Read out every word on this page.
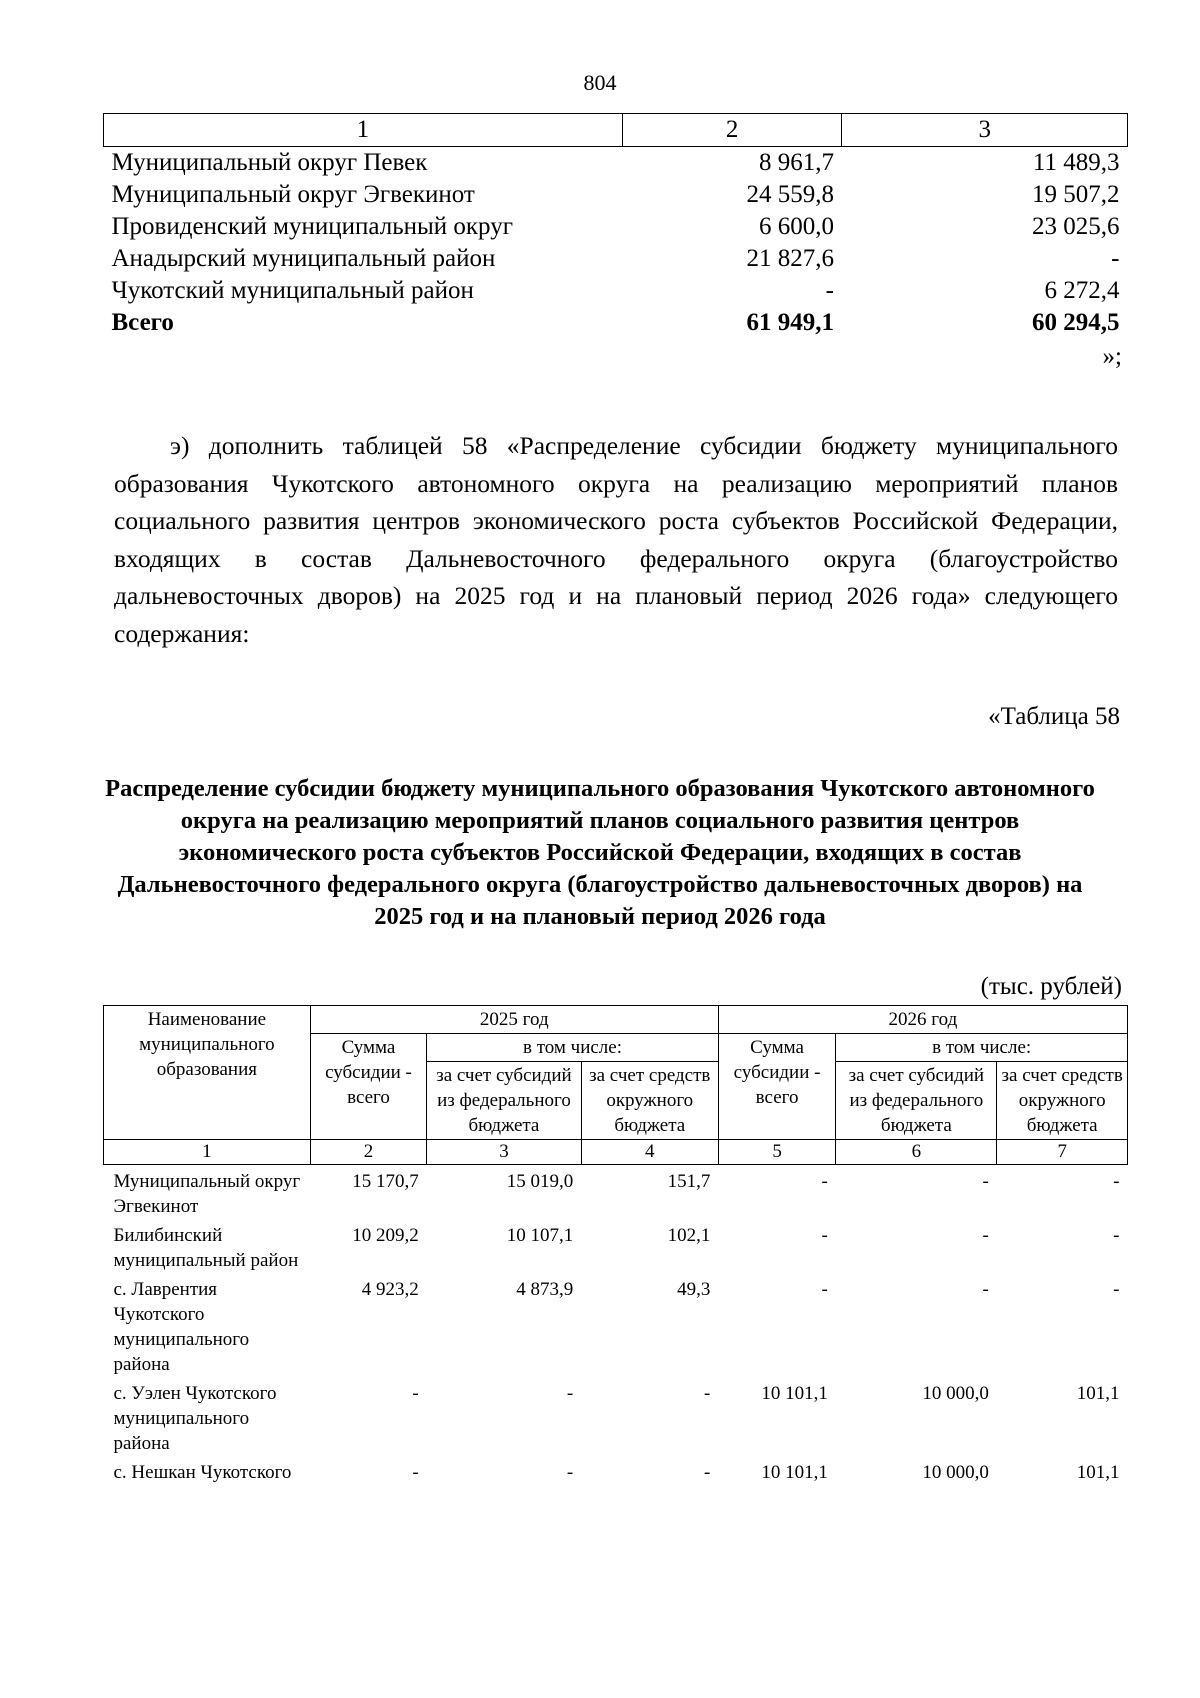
804
1	2	3
Муниципальный округ Певек	8 961,7	11 489,3
Муниципальный округ Эгвекинот	24 559,8	19 507,2
Провиденский муниципальный округ	6 600,0	23 025,6
Анадырский муниципальный район	21 827,6	-
Чукотский муниципальный район	-	6 272,4
Всего	61 949,1	60 294,5
»;

э) дополнить таблицей 58 «Распределение субсидии бюджету муниципального образования Чукотского автономного округа на реализацию мероприятий планов социального развития центров экономического роста субъектов Российской Федерации, входящих в состав Дальневосточного федерального округа (благоустройство дальневосточных дворов) на 2025 год и на плановый период 2026 года» следующего содержания:

«Таблица 58

Распределение субсидии бюджету муниципального образования Чукотского автономного округа на реализацию мероприятий планов социального развития центров экономического роста субъектов Российской Федерации, входящих в состав Дальневосточного федерального округа (благоустройство дальневосточных дворов) на 2025 год и на плановый период 2026 года

(тыс. рублей)
Наименование муниципального образования	2025 год			2026 год		
	Сумма субсидии - всего	в том числе:		Сумма субсидии - всего	в том числе:	
		за счет субсидий из федерального бюджета	за счет средств окружного бюджета		за счет субсидий из федерального бюджета	за счет средств окружного бюджета
1	2	3	4	5	6	7
Муниципальный округ Эгвекинот	15 170,7	15 019,0	151,7	-	-	-
Билибинский муниципальный район	10 209,2	10 107,1	102,1	-	-	-
с. Лаврентия Чукотского муниципального района	4 923,2	4 873,9	49,3	-	-	-
с. Уэлен Чукотского муниципального района	-	-	-	10 101,1	10 000,0	101,1
с. Нешкан Чукотского	-	-	-	10 101,1	10 000,0	101,1
